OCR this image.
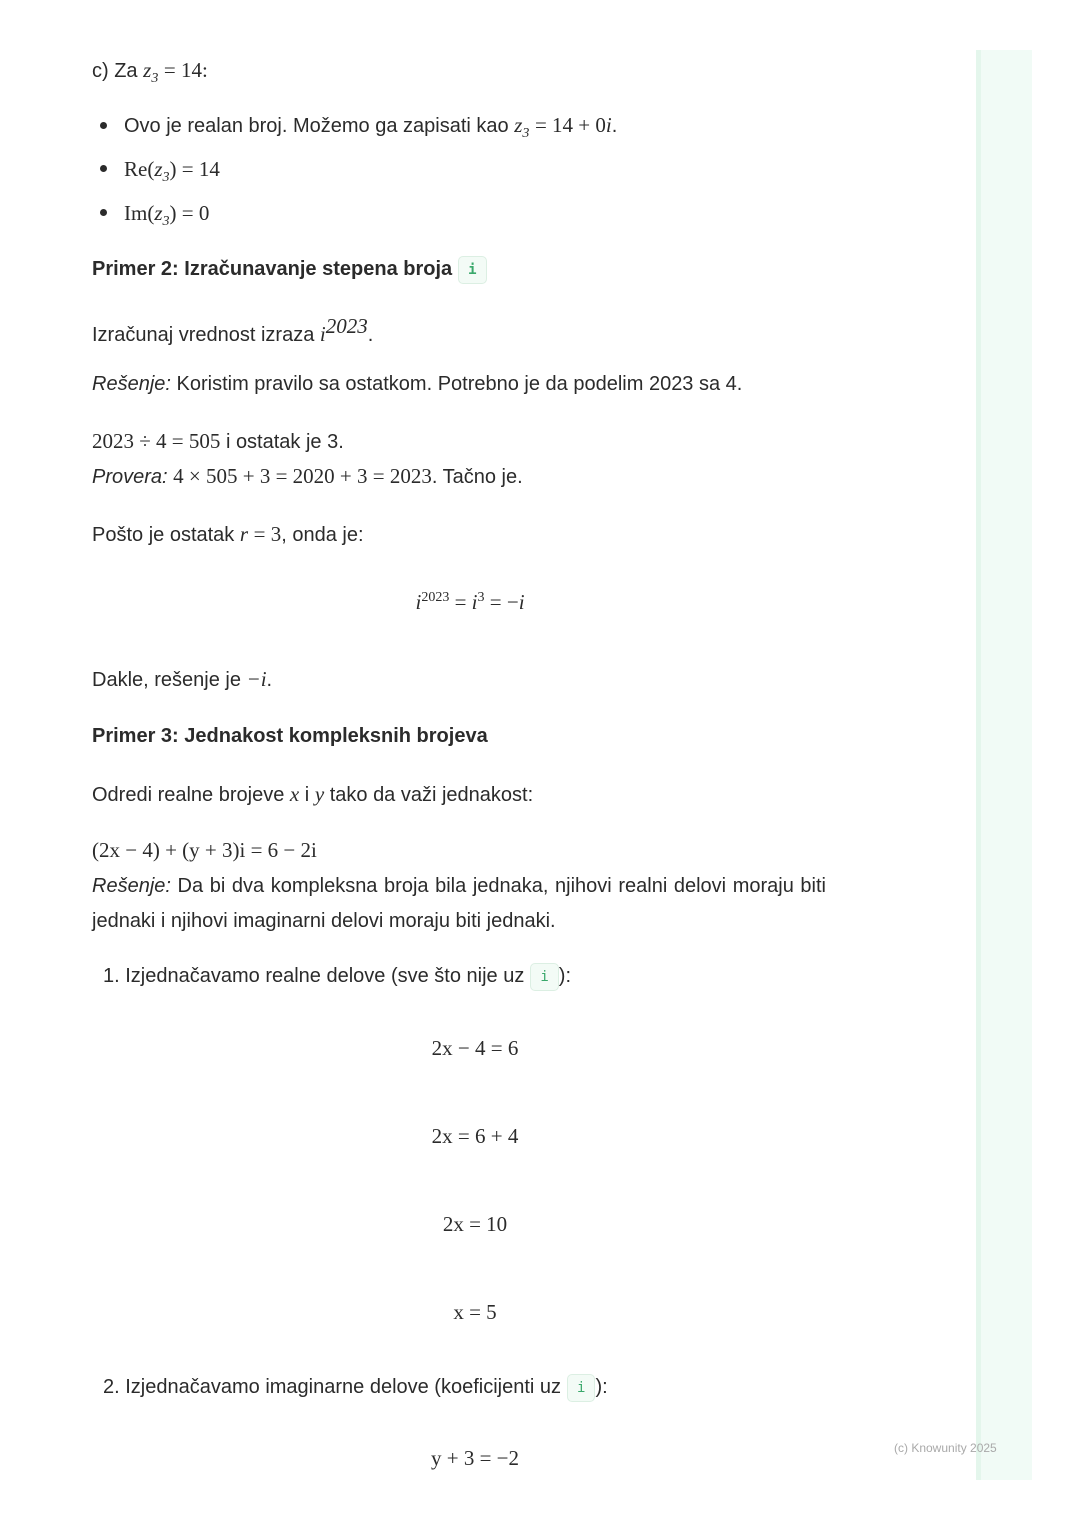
(c) Knowunity 2025
c) Za $z_3 = 14$:
Ovo je realan broj. Možemo ga zapisati kao $z_3 = 14 + 0i$.
$Re(z_3) = 14$
$Im(z_3) = 0$
Primer 2: Izračunavanje stepena broja i
Izračunaj vrednost izraza $i^{2023}$.
Rešenje: Koristim pravilo sa ostatkom. Potrebno je da podelim 2023 sa 4.
2023 ÷ 4 = 505 i ostatak je 3.
Provera: 4 × 505 + 3 = 2020 + 3 = 2023. Tačno je.
Pošto je ostatak r = 3, onda je:
$i^{2023} = i^3 = -i$
Dakle, rešenje je −i.
Primer 3: Jednakost kompleksnih brojeva
Odredi realne brojeve x i y tako da važi jednakost:
(2x − 4) + (y + 3)i = 6 − 2i
Rešenje: Da bi dva kompleksna broja bila jednaka, njihovi realni delovi moraju biti jednaki i njihovi imaginarni delovi moraju biti jednaki.
1. Izjednačavamo realne delove (sve što nije uz i ):
2x − 4 = 6
2x = 6 + 4
2x = 10
x = 5
2. Izjednačavamo imaginarne delove (koeficijenti uz i ):
y + 3 = −2
